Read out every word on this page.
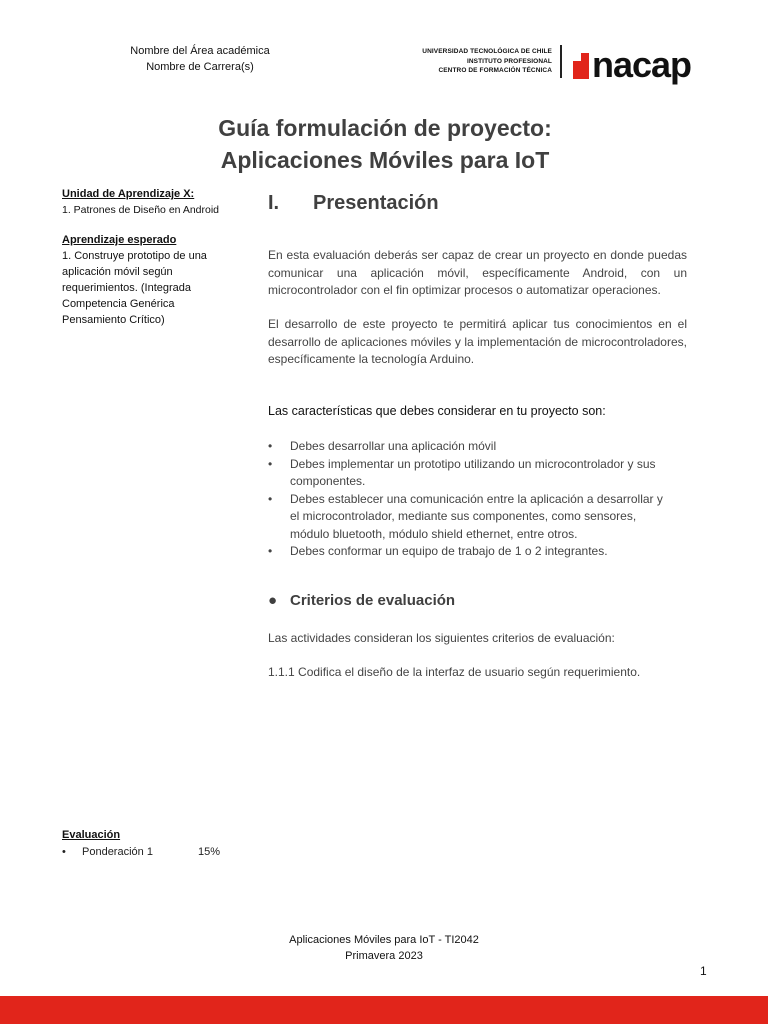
Nombre del Área académica
Nombre de Carrera(s)
UNIVERSIDAD TECNOLÓGICA DE CHILE
INSTITUTO PROFESIONAL
CENTRO DE FORMACIÓN TÉCNICA nacap
Guía formulación de proyecto:
Aplicaciones Móviles para IoT
Unidad de Aprendizaje X:
1. Patrones de Diseño en Android
Aprendizaje esperado
1. Construye prototipo de una aplicación móvil según requerimientos. (Integrada Competencia Genérica Pensamiento Crítico)
I. Presentación
En esta evaluación deberás ser capaz de crear un proyecto en donde puedas comunicar una aplicación móvil, específicamente Android, con un microcontrolador con el fin optimizar procesos o automatizar operaciones.
El desarrollo de este proyecto te permitirá aplicar tus conocimientos en el desarrollo de aplicaciones móviles y la implementación de microcontroladores, específicamente la tecnología Arduino.
Las características que debes considerar en tu proyecto son:
• Debes desarrollar una aplicación móvil
• Debes implementar un prototipo utilizando un microcontrolador y sus componentes.
• Debes establecer una comunicación entre la aplicación a desarrollar y el microcontrolador, mediante sus componentes, como sensores, módulo bluetooth, módulo shield ethernet, entre otros.
• Debes conformar un equipo de trabajo de 1 o 2 integrantes.
● Criterios de evaluación
Las actividades consideran los siguientes criterios de evaluación:
1.1.1 Codifica el diseño de la interfaz de usuario según requerimiento.
Evaluación
• Ponderación 1	15%
Aplicaciones Móviles para IoT - TI2042
Primavera 2023
1
